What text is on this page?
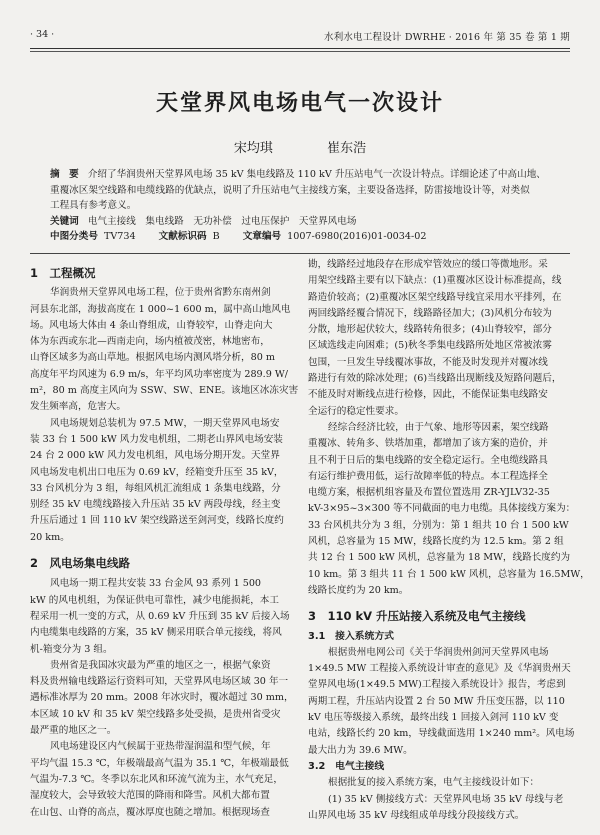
· 34 ·	水利水电工程设计 DWRHE · 2016 年 第 35 卷 第 1 期
天堂界风电场电气一次设计
宋均琪	崔东浩
摘　要 介绍了华润贵州天堂界风电场 35 kV 集电线路及 110 kV 升压站电气一次设计特点。详细论述了中高山地、
重覆冰区架空线路和电缆线路的优缺点，说明了升压站电气主接线方案，主要设备选择，防雷接地设计等，对类似
工程具有参考意义。
关键词 电气主接线　集电线路　无功补偿　过电压保护　天堂界风电场
中图分类号 TV734 文献标识码 B 文章编号 1007-6980(2016)01-0034-02

1　工程概况

华润贵州天堂界风电场工程，位于贵州省黔东南州剑

河县东北部，海拔高度在 1 000~1 600 m，属中高山地风电

场。风电场大体由 4 条山脊组成，山脊较窄，山脊走向大

体为东西或东北—西南走向，场内植被茂密，林地密布，

山脊区域多为高山草地。根据风电场内测风塔分析，80 m

高度年平均风速为 6.9 m/s，年平均风功率密度为 289.9 W/

m²，80 m 高度主风向为 SSW、SW、ENE。该地区冰冻灾害

发生频率高，危害大。

风电场规划总装机为 97.5 MW，一期天堂界风电场安

装 33 台 1 500 kW 风力发电机组，二期老山界风电场安装

24 台 2 000 kW 风力发电机组，风电场分期开发。天堂界

风电场发电机出口电压为 0.69 kV，经箱变升压至 35 kV，

33 台风机分为 3 组，每组风机汇流组成 1 条集电线路，分

别经 35 kV 电缆线路接入升压站 35 kV 两段母线，经主变

升压后通过 1 回 110 kV 架空线路送至剑河变，线路长度约

20 km。

2　风电场集电线路

风电场一期工程共安装 33 台金风 93 系列 1 500

kW 的风电机组，为保证供电可靠性，减少电能损耗，本工

程采用一机一变的方式，从 0.69 kV 升压到 35 kV 后接入场

内电缆集电线路的方案，35 kV 侧采用联合单元接线，将风

机-箱变分为 3 组。

贵州省是我国冰灾最为严重的地区之一，根据气象资

料及贵州输电线路运行资料可知，天堂界风电场区域 30 年一

遇标准冰厚为 20 mm。2008 年冰灾时，覆冰超过 30 mm，

本区域 10 kV 和 35 kV 架空线路多处受损，是贵州省受灾

最严重的地区之一。

风电场建设区内气候属于亚热带湿润温和型气候，年

平均气温 15.3 ℃，年极端最高气温为 35.1 ℃，年极端最低

气温为-7.3 ℃。冬季以东北风和环流气流为主，水气充足，

湿度较大，会导致较大范围的降雨和降雪。风机大都布置

在山包、山脊的高点，覆冰厚度也随之增加。根据现场查

勘，线路经过地段存在形成窄管效应的缓口等微地形。采

用架空线路主要有以下缺点：(1)重覆冰区设计标准提高，线

路造价较高；(2)重覆冰区架空线路导线宜采用水平排列，在

两回线路经覆合情况下，线路路径加大；(3)风机分布较为

分散，地形起伏较大，线路转角很多；(4)山脊较窄，部分

区域选线走向困难；(5)秋冬季集电线路所处地区常被浓雾

包围，一旦发生导线覆冰事故，不能及时发现并对覆冰线

路进行有效的除冰处理；(6)当线路出现断线及短路问题后，

不能及时对断线点进行检修，因此，不能保证集电线路安

全运行的稳定性要求。

经综合经济比较，由于气象、地形等因素，架空线路

重覆冰、转角多、铁塔加重，都增加了该方案的造价，并

且不利于日后的集电线路的安全稳定运行。全电缆线路具

有运行维护费用低，运行故障率低的特点。本工程选择全

电缆方案，根据机组容量及布置位置选用 ZR-YJLV32-35

kV-3×95~3×300 等不同截面的电力电缆。具体接线方案为：

33 台风机共分为 3 组，分别为：第 1 组共 10 台 1 500 kW

风机，总容量为 15 MW，线路长度约为 12.5 km。第 2 组

共 12 台 1 500 kW 风机，总容量为 18 MW，线路长度约为

10 km。第 3 组共 11 台 1 500 kW 风机，总容量为 16.5MW，

线路长度约为 20 km。

3　110 kV 升压站接入系统及电气主接线

3.1　接入系统方式

根据贵州电网公司《关于华润贵州剑河天堂界风电场

1×49.5 MW 工程接入系统设计审查的意见》及《华润贵州天

堂界风电场(1×49.5 MW)工程接入系统设计》报告，考虑到

两期工程，升压站内设置 2 台 50 MW 升压变压器，以 110

kV 电压等级接入系统，最终出线 1 回接入剑河 110 kV 变

电站，线路长约 20 km，导线截面选用 1×240 mm²。风电场

最大出力为 39.6 MW。

3.2　电气主接线

根据批复的接入系统方案，电气主接线设计如下：

(1) 35 kV 侧接线方式：天堂界风电场 35 kV 母线与老

山界风电场 35 kV 母线组成单母线分段接线方式。
